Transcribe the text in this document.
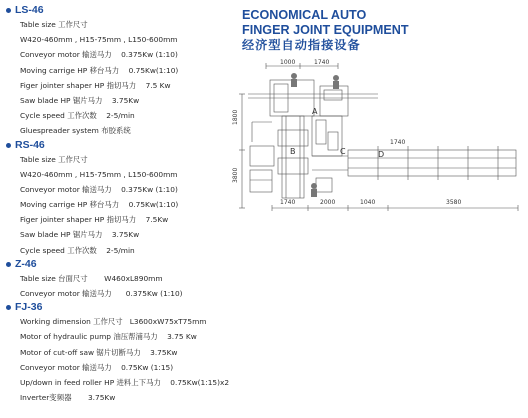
LS-46
Table size 工作尺寸
W420-460mm , H15-75mm , L150-600mm
Conveyor motor 输送马力 0.375Kw (1:10)
Moving carrige HP 移台马力 0.75Kw(1:10)
Figer jointer shaper HP 指切马力 7.5 Kw
Saw blade HP 锯片马力 3.75Kw
Cycle speed 工作次数 2-5/min
Gluespreader system 布胶系统
RS-46
Table size 工作尺寸
W420-460mm , H15-75mm , L150-600mm
Conveyor motor 输送马力 0.375Kw (1:10)
Moving carrige HP 移台马力 0.75Kw(1:10)
Figer jointer shaper HP 指切马力 7.5Kw
Saw blade HP 锯片马力 3.75Kw
Cycle speed 工作次数 2-5/min
Z-46
Table size 台面尺寸 W460xL890mm
Conveyor motor 输送马力 0.375Kw (1:10)
FJ-36
Working dimension 工作尺寸 L3600xW75xT75mm
Motor of hydraulic pump 油压帮浦马力 3.75 Kw
Motor of cut-off saw 锯片切断马力 3.75Kw
Conveyor motor 输送马力 0.75Kw (1:15)
Up/down in feed roller HP 进料上下马力 0.75Kw(1:15)x2
Inverter变频器 3.75Kw
ECONOMICAL AUTO
FINGER JOINT EQUIPMENT
经济型自动指接设备
1000	1740
1800
3800
1740	2000	1040	3580
1740
A
B	C	D
